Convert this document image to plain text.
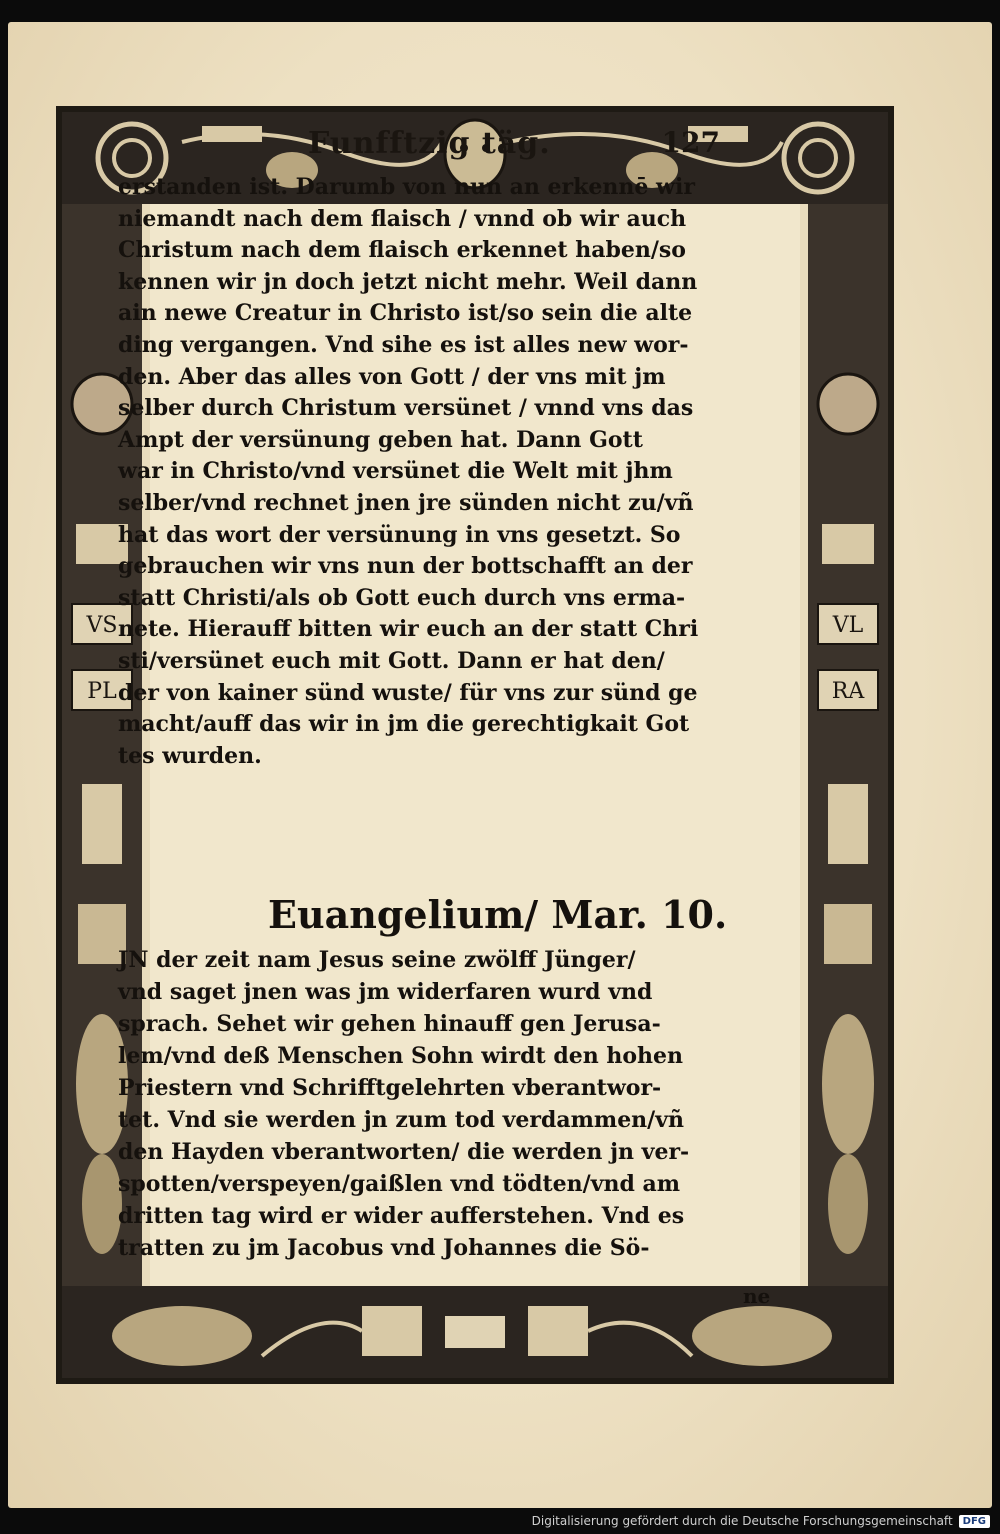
VS
PL
VL
RA
Funfftzig täg.	127
erstanden ist. Darumb von nun an erkennē wir
niemandt nach dem flaisch / vnnd ob wir auch
Christum nach dem flaisch erkennet haben/so
kennen wir jn doch jetzt nicht mehr. Weil dann
ain newe Creatur in Christo ist/so sein die alte
ding vergangen. Vnd sihe es ist alles new wor-
den. Aber das alles von Gott / der vns mit jm
selber durch Christum versünet / vnnd vns das
Ampt der versünung geben hat. Dann Gott
war in Christo/vnd versünet die Welt mit jhm
selber/vnd rechnet jnen jre sünden nicht zu/vñ
hat das wort der versünung in vns gesetzt. So
gebrauchen wir vns nun der bottschafft an der
statt Christi/als ob Gott euch durch vns erma-
nete. Hierauff bitten wir euch an der statt Chri
sti/versünet euch mit Gott. Dann er hat den/
der von kainer sünd wuste/ für vns zur sünd ge
macht/auff das wir in jm die gerechtigkait Got
tes wurden.
Euangelium/ Mar. 10.
JN der zeit nam Jesus seine zwölff Jünger/
vnd saget jnen was jm widerfaren wurd vnd
sprach. Sehet wir gehen hinauff gen Jerusa-
lem/vnd deß Menschen Sohn wirdt den hohen
Priestern vnd Schrifftgelehrten vberantwor-
tet. Vnd sie werden jn zum tod verdammen/vñ
den Hayden vberantworten/ die werden jn ver-
spotten/verspeyen/gaißlen vnd tödten/vnd am
dritten tag wird er wider aufferstehen. Vnd es
tratten zu jm Jacobus vnd Johannes die Sö-
ne
Digitalisierung gefördert durch die Deutsche Forschungsgemeinschaft	DFG
